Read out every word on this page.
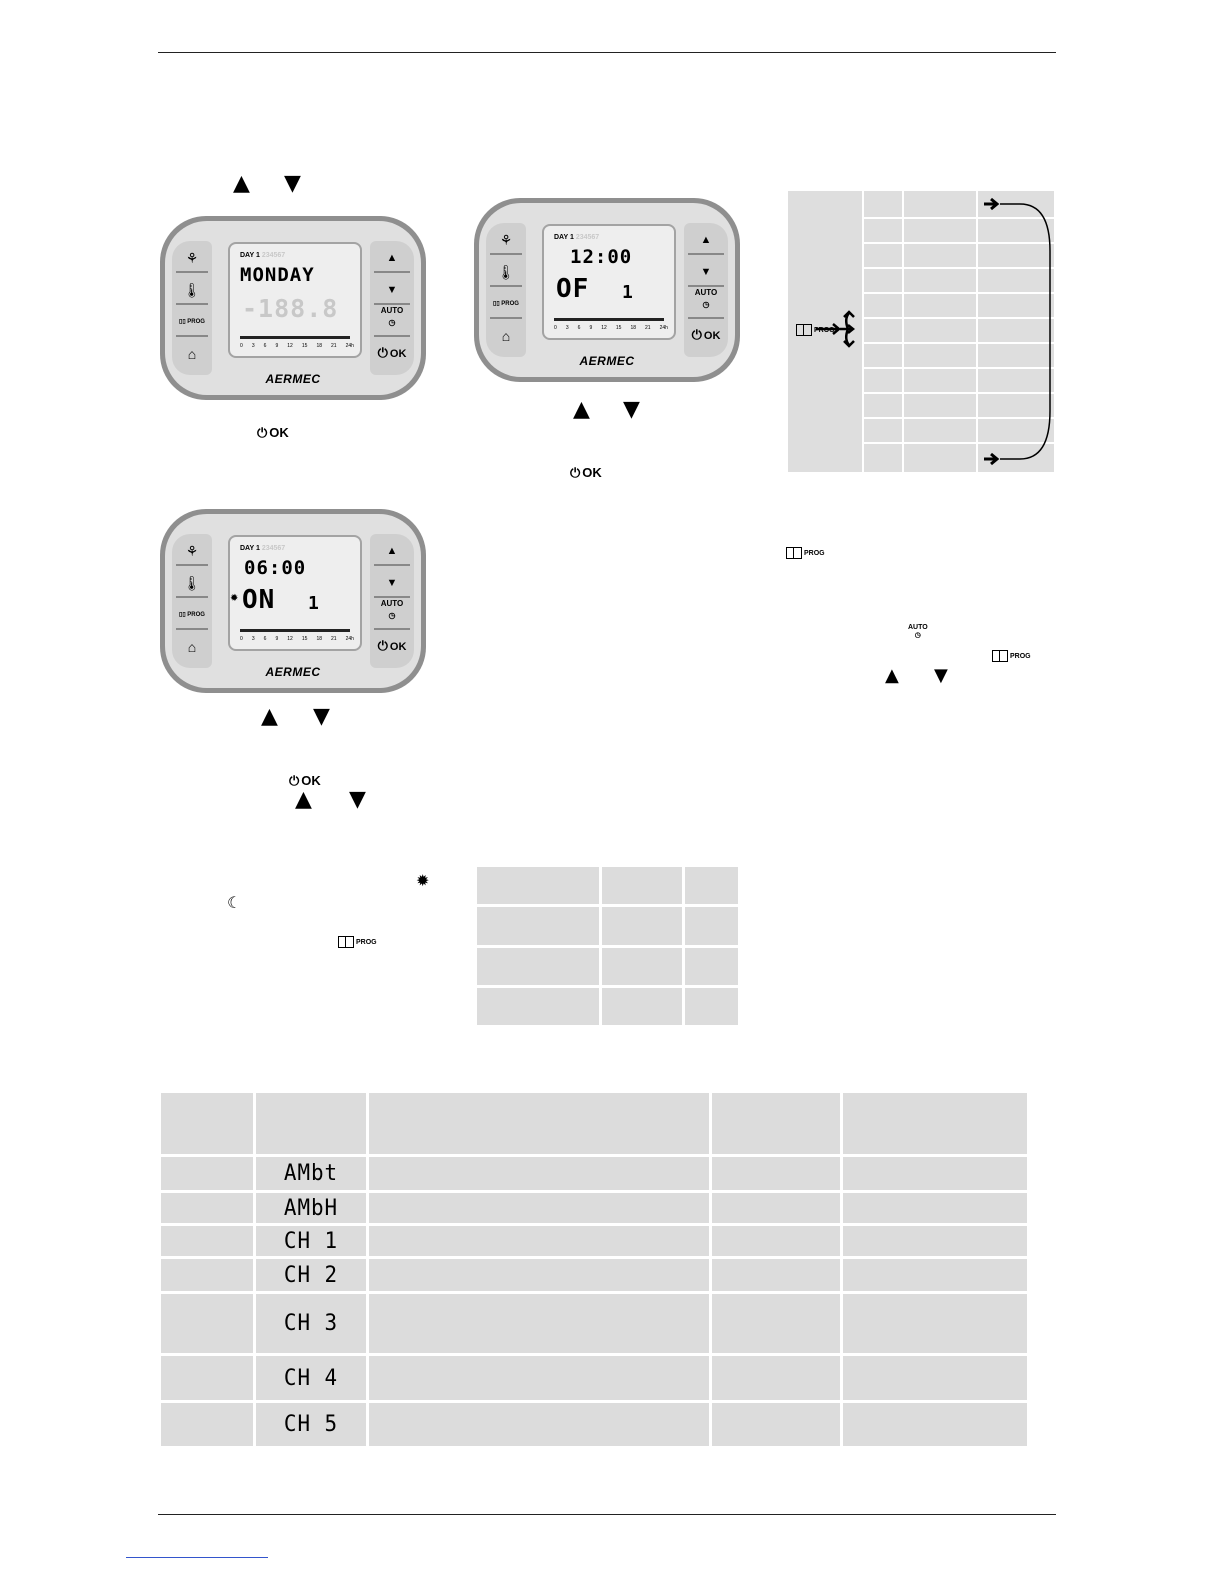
▲ ▼
⚘
🌡
▯▯ PROG
⌂
DAY 1 234567
MONDAY
-188.8
0 3 6 9 12 15 18 21 24h
▲
▼
AUTO
◷
⏻ OK
AERMEC
⏻ OK
⚘
🌡
▯▯ PROG
⌂
DAY 1 234567
12:00
OF 1
0 3 6 9 12 15 18 21 24h
▲
▼
AUTO
◷
⏻ OK
AERMEC
▲ ▼
⏻ OK
PROG
⚘
🌡
▯▯ PROG
⌂
DAY 1 234567
06:00
✹ ON 1
0 3 6 9 12 15 18 21 24h
▲
▼
AUTO
◷
⏻ OK
AERMEC
PROG
AUTO
◷
PROG
▲ ▼
▲ ▼
⏻ OK
▲ ▼
✹
☾
PROG

	AMbt			

	AMbH			

	CH 1			

	CH 2			

	CH 3			

	CH 4			

	CH 5			
